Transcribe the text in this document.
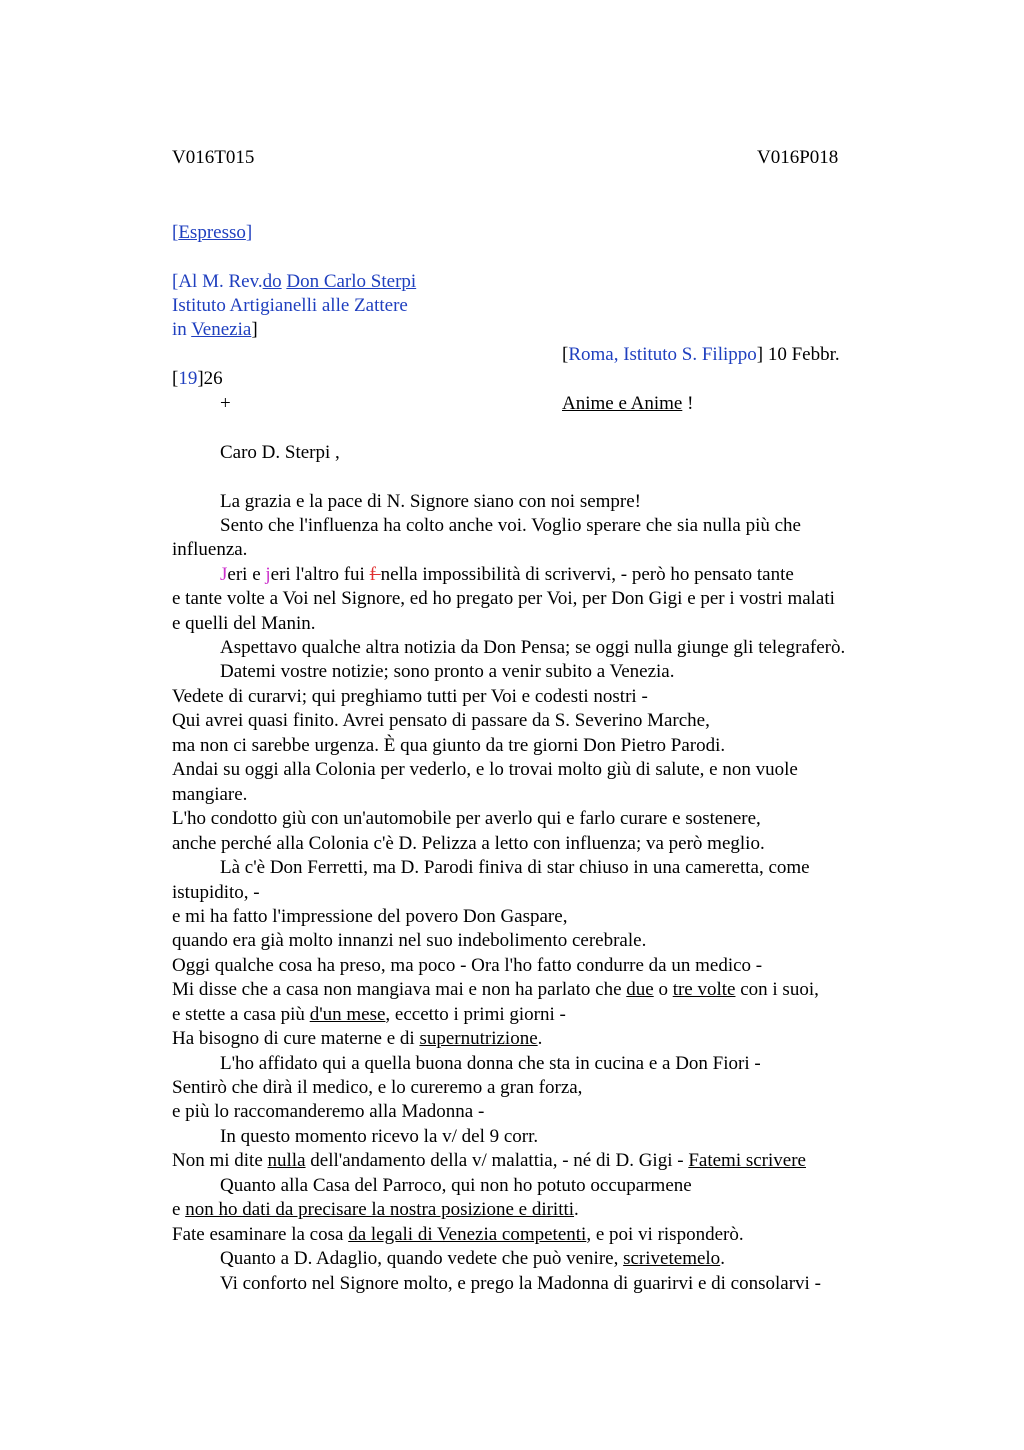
V016T015	V016P018
[Espresso]
[Al M. Rev.do Don Carlo Sterpi
Istituto Artigianelli alle Zattere
in Venezia]
[Roma, Istituto S. Filippo] 10 Febbr.
[19]26
+	Anime e Anime !
Caro D. Sterpi ,
La grazia e la pace di N. Signore siano con noi sempre!
Sento che l'influenza ha colto anche voi. Voglio sperare che sia nulla più che
influenza.
Jeri e jeri l'altro fui f nella impossibilità di scrivervi, - però ho pensato tante
e tante volte a Voi nel Signore, ed ho pregato per Voi, per Don Gigi e per i vostri malati
e quelli del Manin.
Aspettavo qualche altra notizia da Don Pensa; se oggi nulla giunge gli telegraferò.
Datemi vostre notizie; sono pronto a venir subito a Venezia.
Vedete di curarvi; qui preghiamo tutti per Voi e codesti nostri -
Qui avrei quasi finito. Avrei pensato di passare da S. Severino Marche,
ma non ci sarebbe urgenza. È qua giunto da tre giorni Don Pietro Parodi.
Andai su oggi alla Colonia per vederlo, e lo trovai molto giù di salute, e non vuole
mangiare.
L'ho condotto giù con un'automobile per averlo qui e farlo curare e sostenere,
anche perché alla Colonia c'è D. Pelizza a letto con influenza; va però meglio.
Là c'è Don Ferretti, ma D. Parodi finiva di star chiuso in una cameretta, come
istupidito, -
e mi ha fatto l'impressione del povero Don Gaspare,
quando era già molto innanzi nel suo indebolimento cerebrale.
Oggi qualche cosa ha preso, ma poco - Ora l'ho fatto condurre da un medico -
Mi disse che a casa non mangiava mai e non ha parlato che due o tre volte con i suoi,
e stette a casa più d'un mese, eccetto i primi giorni -
Ha bisogno di cure materne e di supernutrizione.
L'ho affidato qui a quella buona donna che sta in cucina e a Don Fiori -
Sentirò che dirà il medico, e lo cureremo a gran forza,
e più lo raccomanderemo alla Madonna -
In questo momento ricevo la v/ del 9 corr.
Non mi dite nulla dell'andamento della v/ malattia, - né di D. Gigi - Fatemi scrivere
Quanto alla Casa del Parroco, qui non ho potuto occuparmene
e non ho dati da precisare la nostra posizione e diritti.
Fate esaminare la cosa da legali di Venezia competenti, e poi vi risponderò.
Quanto a D. Adaglio, quando vedete che può venire, scrivetemelo.
Vi conforto nel Signore molto, e prego la Madonna di guarirvi e di consolarvi -
